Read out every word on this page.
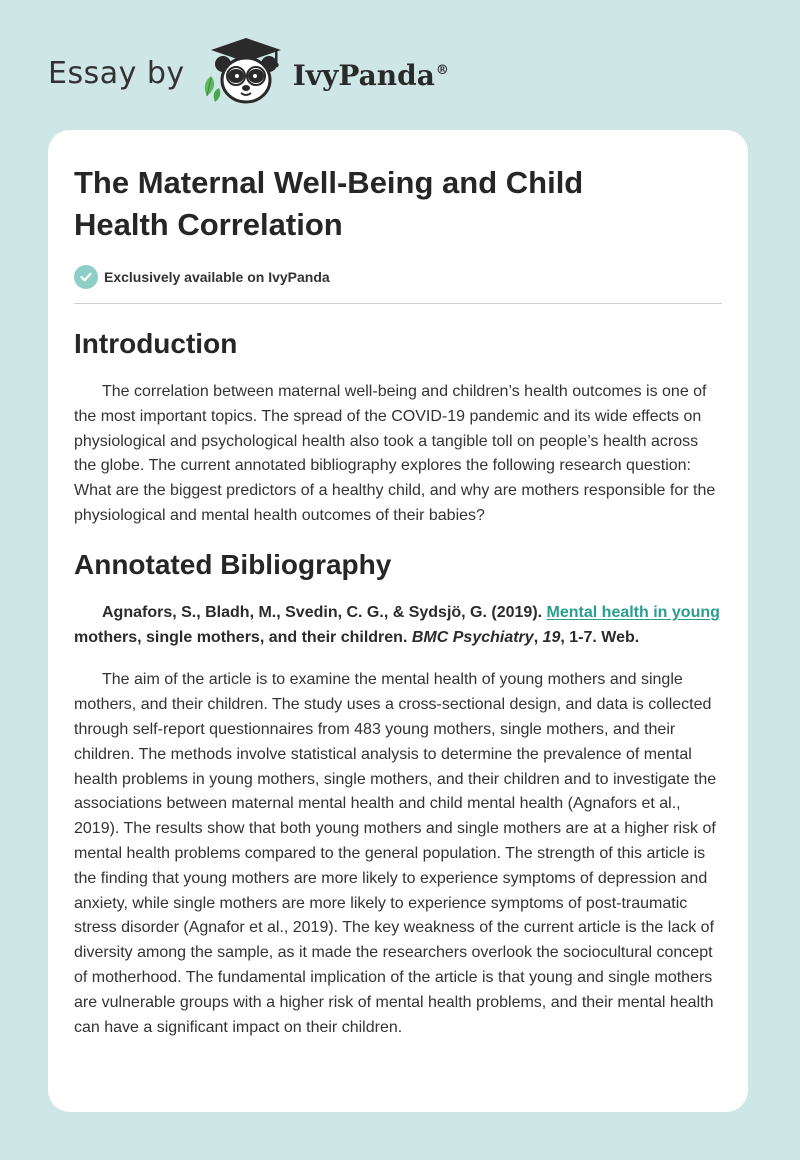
Essay by	IvyPanda®
The Maternal Well-Being and Child Health Correlation
Exclusively available on IvyPanda
Introduction

The correlation between maternal well-being and children’s health outcomes is one of the most important topics. The spread of the COVID-19 pandemic and its wide effects on physiological and psychological health also took a tangible toll on people’s health across the globe. The current annotated bibliography explores the following research question: What are the biggest predictors of a healthy child, and why are mothers responsible for the physiological and mental health outcomes of their babies?

Annotated Bibliography

Agnafors, S., Bladh, M., Svedin, C. G., & Sydsjö, G. (2019). Mental health in young mothers, single mothers, and their children. BMC Psychiatry, 19, 1-7. Web.

The aim of the article is to examine the mental health of young mothers and single mothers, and their children. The study uses a cross-sectional design, and data is collected through self-report questionnaires from 483 young mothers, single mothers, and their children. The methods involve statistical analysis to determine the prevalence of mental health problems in young mothers, single mothers, and their children and to investigate the associations between maternal mental health and child mental health (Agnafors et al., 2019). The results show that both young mothers and single mothers are at a higher risk of mental health problems compared to the general population. The strength of this article is the finding that young mothers are more likely to experience symptoms of depression and anxiety, while single mothers are more likely to experience symptoms of post-traumatic stress disorder (Agnafor et al., 2019). The key weakness of the current article is the lack of diversity among the sample, as it made the researchers overlook the sociocultural concept of motherhood. The fundamental implication of the article is that young and single mothers are vulnerable groups with a higher risk of mental health problems, and their mental health can have a significant impact on their children.
